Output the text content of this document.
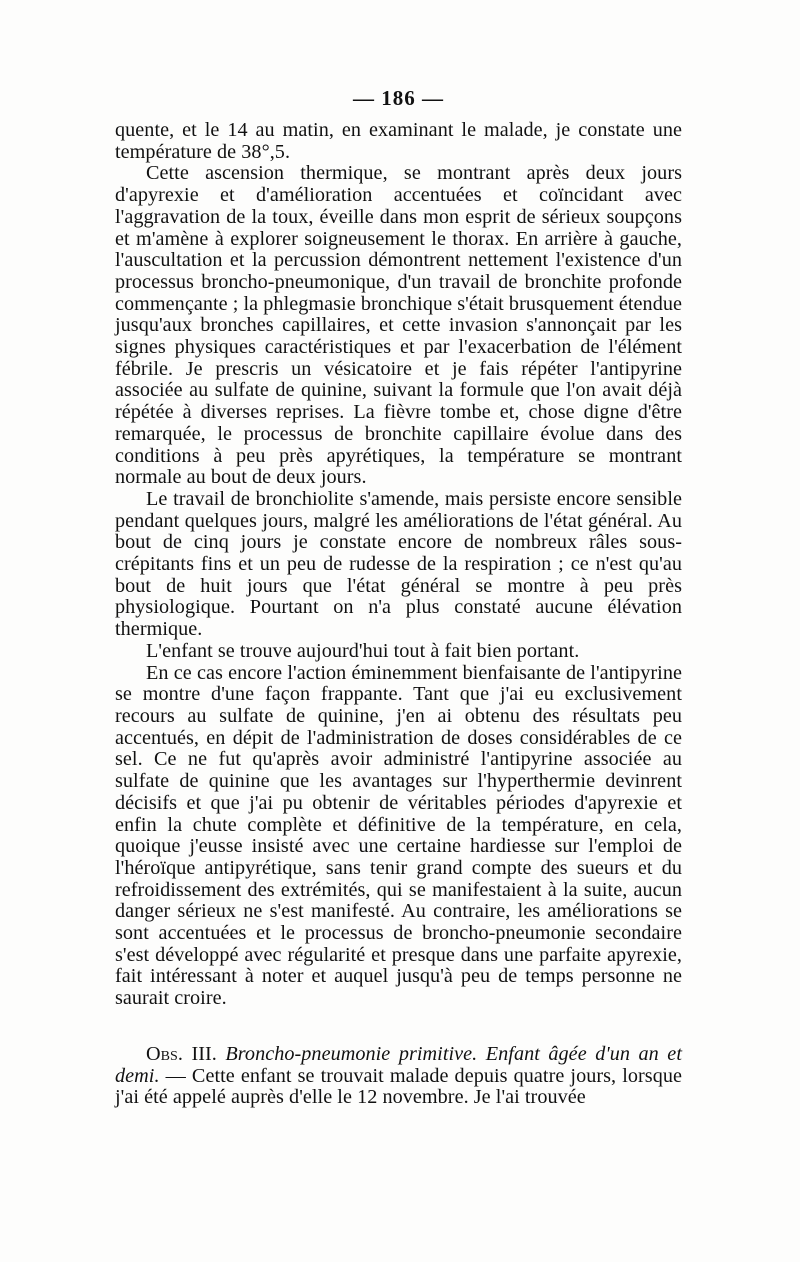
— 186 —

quente, et le 14 au matin, en examinant le malade, je constate une température de 38°,5.

Cette ascension thermique, se montrant après deux jours d'apyrexie et d'amélioration accentuées et coïncidant avec l'aggravation de la toux, éveille dans mon esprit de sérieux soupçons et m'amène à explorer soigneusement le thorax. En arrière à gauche, l'auscultation et la percussion démontrent nettement l'existence d'un processus broncho-pneumonique, d'un travail de bronchite profonde commençante ; la phlegmasie bronchique s'était brusquement étendue jusqu'aux bronches capillaires, et cette invasion s'annonçait par les signes physiques caractéristiques et par l'exacerbation de l'élément fébrile. Je prescris un vésicatoire et je fais répéter l'antipyrine associée au sulfate de quinine, suivant la formule que l'on avait déjà répétée à diverses reprises. La fièvre tombe et, chose digne d'être remarquée, le processus de bronchite capillaire évolue dans des conditions à peu près apyrétiques, la température se montrant normale au bout de deux jours.

Le travail de bronchiolite s'amende, mais persiste encore sensible pendant quelques jours, malgré les améliorations de l'état général. Au bout de cinq jours je constate encore de nombreux râles sous-crépitants fins et un peu de rudesse de la respiration ; ce n'est qu'au bout de huit jours que l'état général se montre à peu près physiologique. Pourtant on n'a plus constaté aucune élévation thermique.

L'enfant se trouve aujourd'hui tout à fait bien portant.

En ce cas encore l'action éminemment bienfaisante de l'antipyrine se montre d'une façon frappante. Tant que j'ai eu exclusivement recours au sulfate de quinine, j'en ai obtenu des résultats peu accentués, en dépit de l'administration de doses considérables de ce sel. Ce ne fut qu'après avoir administré l'antipyrine associée au sulfate de quinine que les avantages sur l'hyperthermie devinrent décisifs et que j'ai pu obtenir de véritables périodes d'apyrexie et enfin la chute complète et définitive de la température, en cela, quoique j'eusse insisté avec une certaine hardiesse sur l'emploi de l'héroïque antipyrétique, sans tenir grand compte des sueurs et du refroidissement des extrémités, qui se manifestaient à la suite, aucun danger sérieux ne s'est manifesté. Au contraire, les améliorations se sont accentuées et le processus de broncho-pneumonie secondaire s'est développé avec régularité et presque dans une parfaite apyrexie, fait intéressant à noter et auquel jusqu'à peu de temps personne ne saurait croire.

Obs. III. Broncho-pneumonie primitive. Enfant âgée d'un an et demi. — Cette enfant se trouvait malade depuis quatre jours, lorsque j'ai été appelé auprès d'elle le 12 novembre. Je l'ai trouvée
